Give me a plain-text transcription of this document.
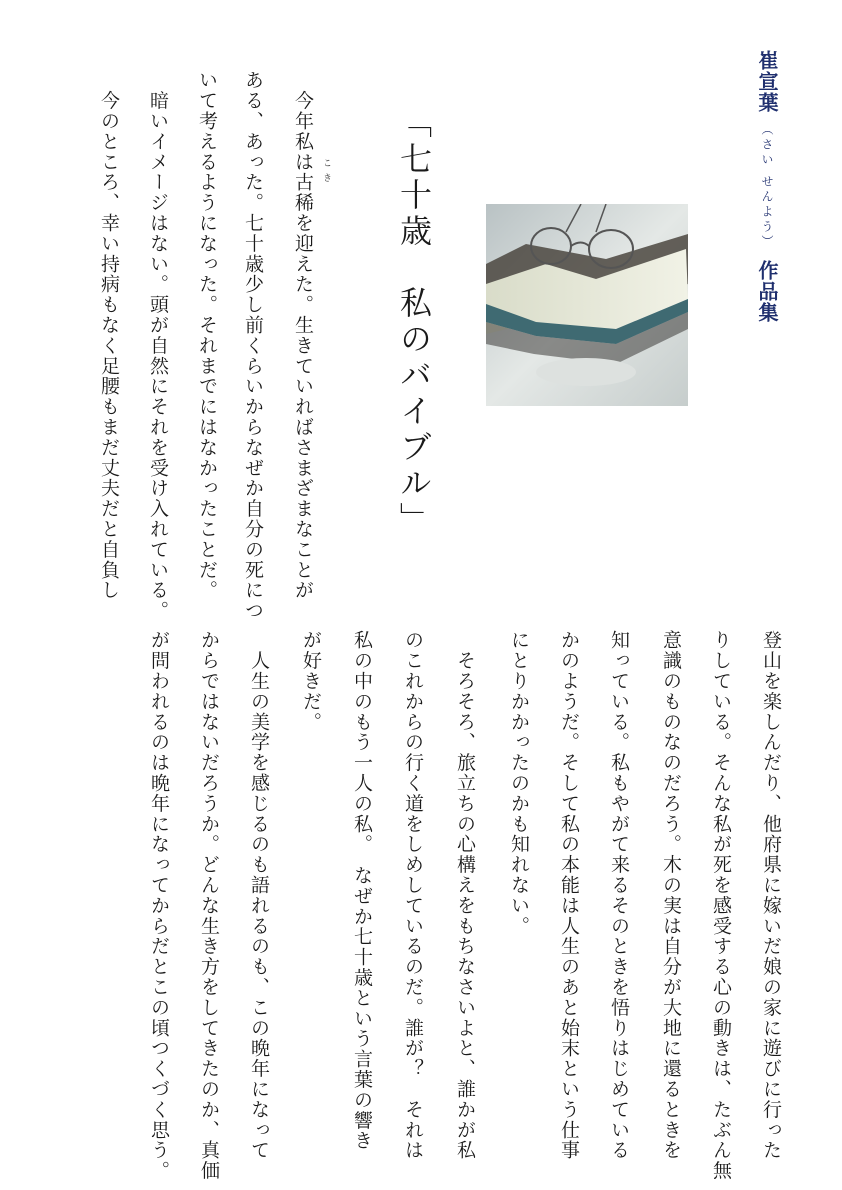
崔宣葉（さい せんよう）作品集
「七十歳　私のバイブル」
こき
　今年私は古稀を迎えた。生きていればさまざまなことが
ある、あった。七十歳少し前くらいからなぜか自分の死につ
いて考えるようになった。それまでにはなかったことだ。
　暗いイメージはない。頭が自然にそれを受け入れている。
　今のところ、幸い持病もなく足腰もまだ丈夫だと自負し
登山を楽しんだり、他府県に嫁いだ娘の家に遊びに行った
りしている。そんな私が死を感受する心の動きは、たぶん無
意識のものなのだろう。木の実は自分が大地に還るときを
知っている。私もやがて来るそのときを悟りはじめている
かのようだ。そして私の本能は人生のあと始末という仕事
にとりかかったのかも知れない。
　そろそろ、旅立ちの心構えをもちなさいよと、誰かが私
のこれからの行く道をしめしているのだ。誰が？　それは
私の中のもう一人の私。　なぜか七十歳という言葉の響き
が好きだ。
　人生の美学を感じるのも語れるのも、この晩年になって
からではないだろうか。どんな生き方をしてきたのか、真価
が問われるのは晩年になってからだとこの頃つくづく思う。
